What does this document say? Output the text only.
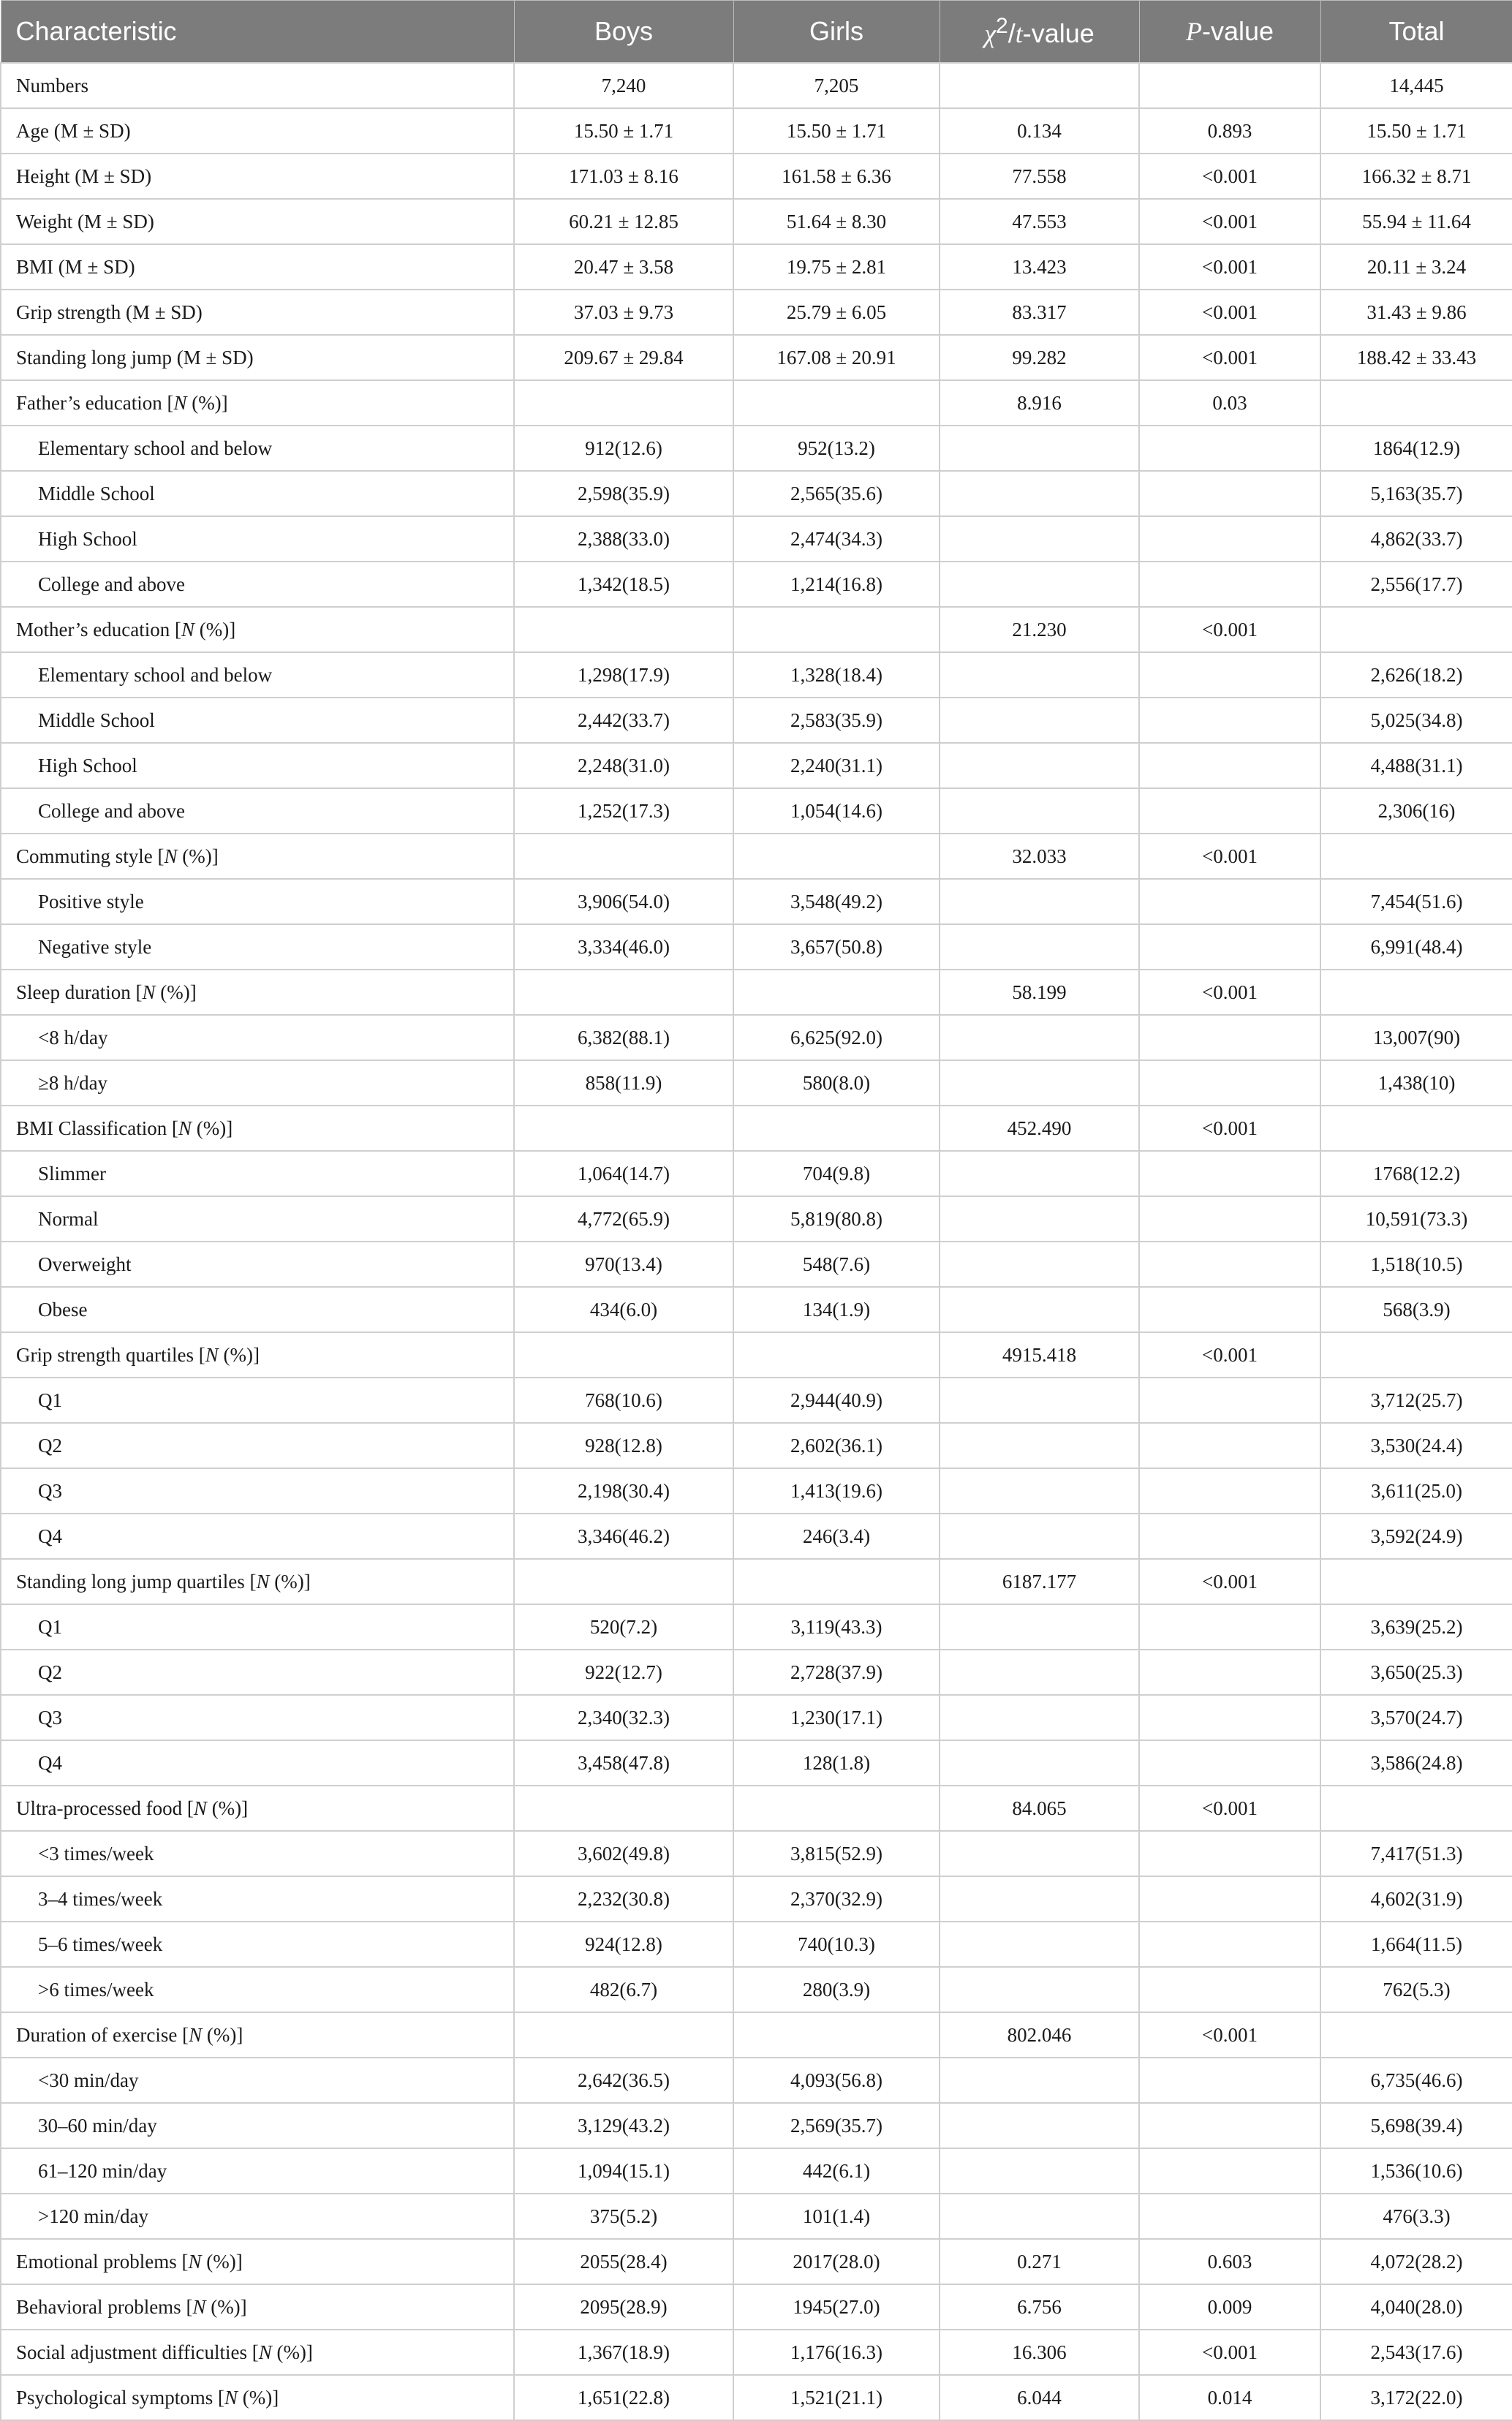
Characteristic	Boys	Girls	$\chi^2/t$-value	P-value	Total
Numbers	7,240	7,205			14,445
Age (M ± SD)	15.50 ± 1.71	15.50 ± 1.71	0.134	0.893	15.50 ± 1.71
Height (M ± SD)	171.03 ± 8.16	161.58 ± 6.36	77.558	<0.001	166.32 ± 8.71
Weight (M ± SD)	60.21 ± 12.85	51.64 ± 8.30	47.553	<0.001	55.94 ± 11.64
BMI (M ± SD)	20.47 ± 3.58	19.75 ± 2.81	13.423	<0.001	20.11 ± 3.24
Grip strength (M ± SD)	37.03 ± 9.73	25.79 ± 6.05	83.317	<0.001	31.43 ± 9.86
Standing long jump (M ± SD)	209.67 ± 29.84	167.08 ± 20.91	99.282	<0.001	188.42 ± 33.43
Father’s education [N (%)]			8.916	0.03	
Elementary school and below	912(12.6)	952(13.2)			1864(12.9)
Middle School	2,598(35.9)	2,565(35.6)			5,163(35.7)
High School	2,388(33.0)	2,474(34.3)			4,862(33.7)
College and above	1,342(18.5)	1,214(16.8)			2,556(17.7)
Mother’s education [N (%)]			21.230	<0.001	
Elementary school and below	1,298(17.9)	1,328(18.4)			2,626(18.2)
Middle School	2,442(33.7)	2,583(35.9)			5,025(34.8)
High School	2,248(31.0)	2,240(31.1)			4,488(31.1)
College and above	1,252(17.3)	1,054(14.6)			2,306(16)
Commuting style [N (%)]			32.033	<0.001	
Positive style	3,906(54.0)	3,548(49.2)			7,454(51.6)
Negative style	3,334(46.0)	3,657(50.8)			6,991(48.4)
Sleep duration [N (%)]			58.199	<0.001	
<8 h/day	6,382(88.1)	6,625(92.0)			13,007(90)
≥8 h/day	858(11.9)	580(8.0)			1,438(10)
BMI Classification [N (%)]			452.490	<0.001	
Slimmer	1,064(14.7)	704(9.8)			1768(12.2)
Normal	4,772(65.9)	5,819(80.8)			10,591(73.3)
Overweight	970(13.4)	548(7.6)			1,518(10.5)
Obese	434(6.0)	134(1.9)			568(3.9)
Grip strength quartiles [N (%)]			4915.418	<0.001	
Q1	768(10.6)	2,944(40.9)			3,712(25.7)
Q2	928(12.8)	2,602(36.1)			3,530(24.4)
Q3	2,198(30.4)	1,413(19.6)			3,611(25.0)
Q4	3,346(46.2)	246(3.4)			3,592(24.9)
Standing long jump quartiles [N (%)]			6187.177	<0.001	
Q1	520(7.2)	3,119(43.3)			3,639(25.2)
Q2	922(12.7)	2,728(37.9)			3,650(25.3)
Q3	2,340(32.3)	1,230(17.1)			3,570(24.7)
Q4	3,458(47.8)	128(1.8)			3,586(24.8)
Ultra-processed food [N (%)]			84.065	<0.001	
<3 times/week	3,602(49.8)	3,815(52.9)			7,417(51.3)
3–4 times/week	2,232(30.8)	2,370(32.9)			4,602(31.9)
5–6 times/week	924(12.8)	740(10.3)			1,664(11.5)
>6 times/week	482(6.7)	280(3.9)			762(5.3)
Duration of exercise [N (%)]			802.046	<0.001	
<30 min/day	2,642(36.5)	4,093(56.8)			6,735(46.6)
30–60 min/day	3,129(43.2)	2,569(35.7)			5,698(39.4)
61–120 min/day	1,094(15.1)	442(6.1)			1,536(10.6)
>120 min/day	375(5.2)	101(1.4)			476(3.3)
Emotional problems [N (%)]	2055(28.4)	2017(28.0)	0.271	0.603	4,072(28.2)
Behavioral problems [N (%)]	2095(28.9)	1945(27.0)	6.756	0.009	4,040(28.0)
Social adjustment difficulties [N (%)]	1,367(18.9)	1,176(16.3)	16.306	<0.001	2,543(17.6)
Psychological symptoms [N (%)]	1,651(22.8)	1,521(21.1)	6.044	0.014	3,172(22.0)
